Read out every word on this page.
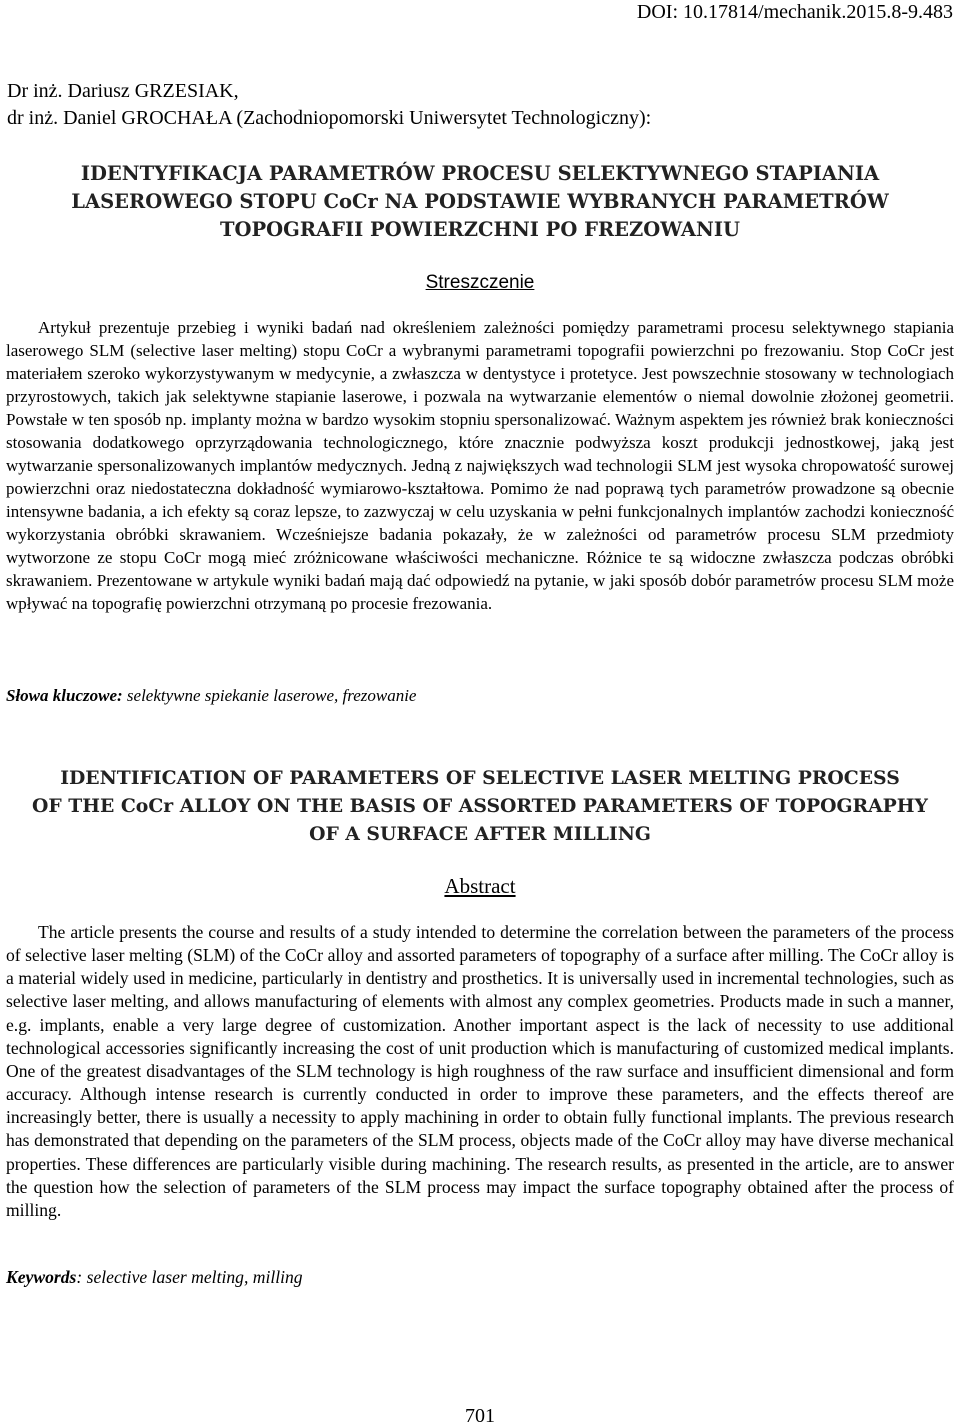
DOI: 10.17814/mechanik.2015.8-9.483
Dr inż. Dariusz GRZESIAK,
dr inż. Daniel GROCHAŁA (Zachodniopomorski Uniwersytet Technologiczny):
IDENTYFIKACJA PARAMETRÓW PROCESU SELEKTYWNEGO STAPIANIA
LASEROWEGO STOPU CoCr NA PODSTAWIE WYBRANYCH PARAMETRÓW
TOPOGRAFII POWIERZCHNI PO FREZOWANIU
Streszczenie
Artykuł prezentuje przebieg i wyniki badań nad określeniem zależności pomiędzy parametrami procesu selektywnego stapiania laserowego SLM (selective laser melting) stopu CoCr a wybranymi parametrami topografii powierzchni po frezowaniu. Stop CoCr jest materiałem szeroko wykorzystywanym w medycynie, a zwłaszcza w dentystyce i protetyce. Jest powszechnie stosowany w technologiach przyrostowych, takich jak selektywne stapianie laserowe, i pozwala na wytwarzanie elementów o niemal dowolnie złożonej geometrii. Powstałe w ten sposób np. implanty można w bardzo wysokim stopniu spersonalizować. Ważnym aspektem jes również brak konieczności stosowania dodatkowego oprzyrządowania technologicznego, które znacznie podwyższa koszt produkcji jednostkowej, jaką jest wytwarzanie spersonalizowanych implantów medycznych. Jedną z największych wad technologii SLM jest wysoka chropowatość surowej powierzchni oraz niedostateczna dokładność wymiarowo-kształtowa. Pomimo że nad poprawą tych parametrów prowadzone są obecnie intensywne badania, a ich efekty są coraz lepsze, to zazwyczaj w celu uzyskania w pełni funkcjonalnych implantów zachodzi konieczność wykorzystania obróbki skrawaniem. Wcześniejsze badania pokazały, że w zależności od parametrów procesu SLM przedmioty wytworzone ze stopu CoCr mogą mieć zróżnicowane właściwości mechaniczne. Różnice te są widoczne zwłaszcza podczas obróbki skrawaniem. Prezentowane w artykule wyniki badań mają dać odpowiedź na pytanie, w jaki sposób dobór parametrów procesu SLM może wpływać na topografię powierzchni otrzymaną po procesie frezowania.
Słowa kluczowe: selektywne spiekanie laserowe, frezowanie
IDENTIFICATION OF PARAMETERS OF SELECTIVE LASER MELTING PROCESS
OF THE CoCr ALLOY ON THE BASIS OF ASSORTED PARAMETERS OF TOPOGRAPHY
OF A SURFACE AFTER MILLING
Abstract
The article presents the course and results of a study intended to determine the correlation between the parameters of the process of selective laser melting (SLM) of the CoCr alloy and assorted parameters of topography of a surface after milling. The CoCr alloy is a material widely used in medicine, particularly in dentistry and prosthetics. It is universally used in incremental technologies, such as selective laser melting, and allows manufacturing of elements with almost any complex geometries. Products made in such a manner, e.g. implants, enable a very large degree of customization. Another important aspect is the lack of necessity to use additional technological accessories significantly increasing the cost of unit production which is manufacturing of customized medical implants. One of the greatest disadvantages of the SLM technology is high roughness of the raw surface and insufficient dimensional and form accuracy. Although intense research is currently conducted in order to improve these parameters, and the effects thereof are increasingly better, there is usually a necessity to apply machining in order to obtain fully functional implants. The previous research has demonstrated that depending on the parameters of the SLM process, objects made of the CoCr alloy may have diverse mechanical properties. These differences are particularly visible during machining. The research results, as presented in the article, are to answer the question how the selection of parameters of the SLM process may impact the surface topography obtained after the process of milling.
Keywords: selective laser melting, milling
701
